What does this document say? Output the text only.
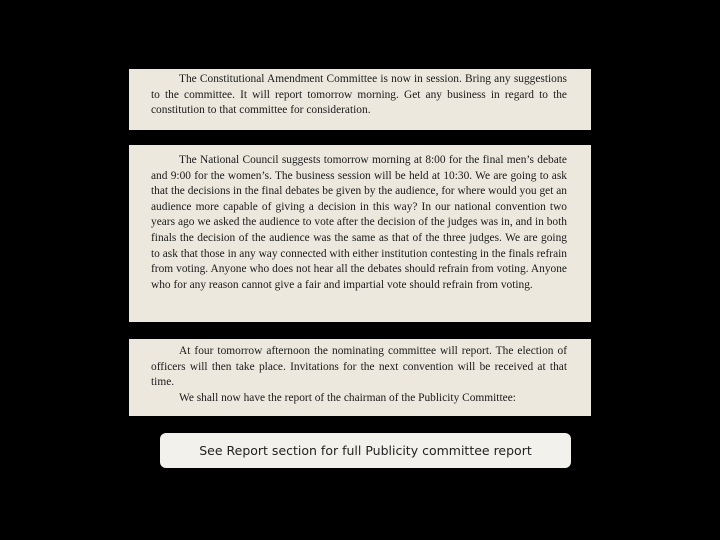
The Constitutional Amendment Committee is now in session. Bring any suggestions to the committee. It will report tomorrow morning. Get any business in regard to the constitution to that committee for consideration.

The National Council suggests tomorrow morning at 8:00 for the final men’s debate and 9:00 for the women’s. The business session will be held at 10:30. We are going to ask that the decisions in the final debates be given by the audience, for where would you get an audience more capable of giving a decision in this way? In our national convention two years ago we asked the audience to vote after the decision of the judges was in, and in both finals the decision of the audience was the same as that of the three judges. We are going to ask that those in any way connected with either institution contesting in the finals refrain from voting. Anyone who does not hear all the debates should refrain from voting. Anyone who for any reason cannot give a fair and impartial vote should refrain from voting.

At four tomorrow afternoon the nominating committee will report. The election of officers will then take place. Invitations for the next convention will be received at that time.

We shall now have the report of the chairman of the Publicity Committee:

See Report section for full Publicity committee report
